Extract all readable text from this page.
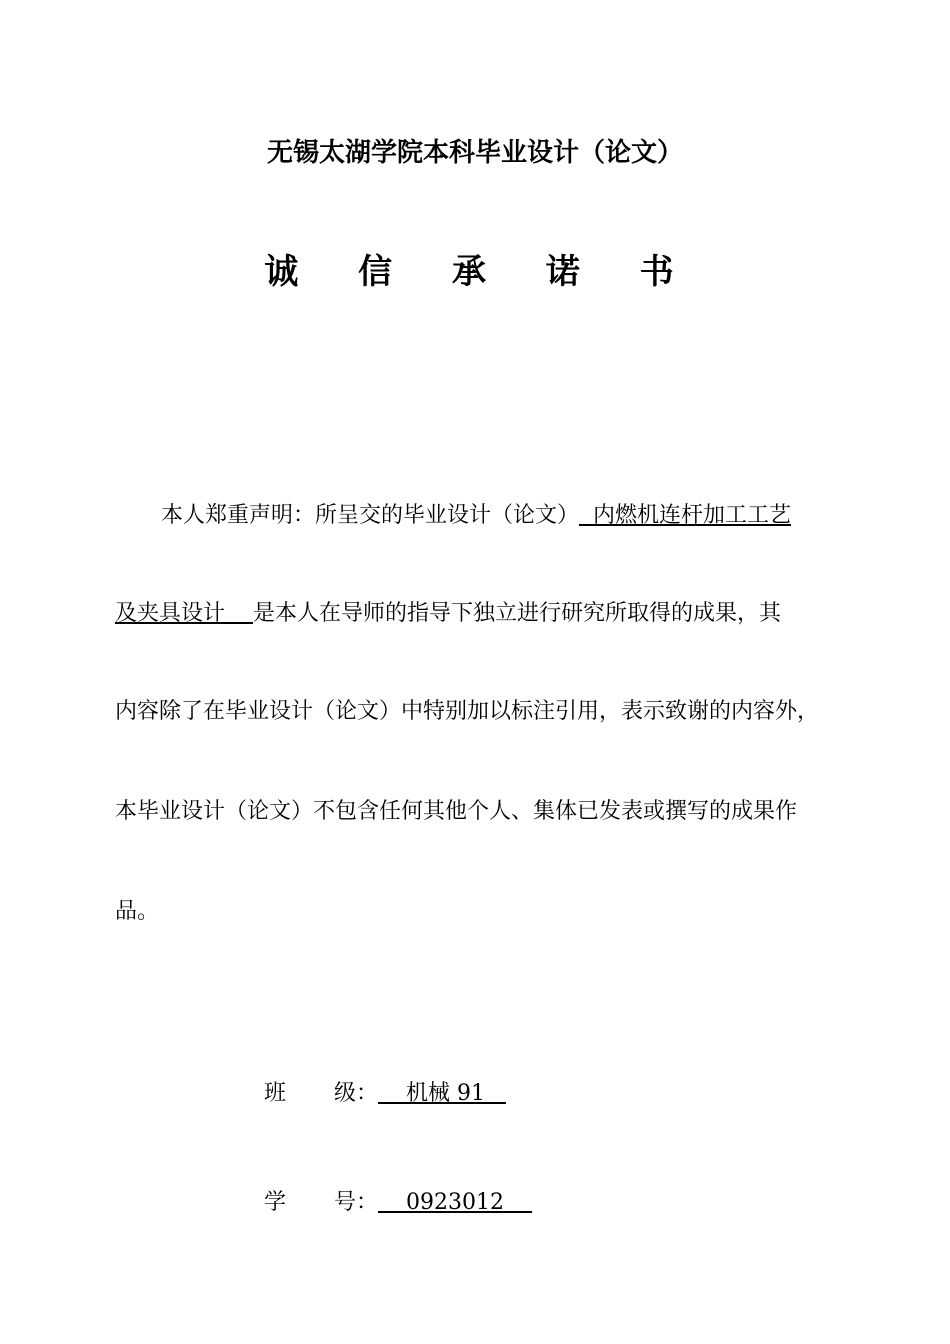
无锡太湖学院本科毕业设计（论文）
诚 信 承 诺 书
本人郑重声明：所呈交的毕业设计（论文）  内燃机连杆加工工艺
及夹具设计    是本人在导师的指导下独立进行研究所取得的成果，其
内容除了在毕业设计（论文）中特别加以标注引用，表示致谢的内容外，
本毕业设计（论文）不包含任何其他个人、集体已发表或撰写的成果作
品。
班 级：    机械 91
学 号：    0923012
